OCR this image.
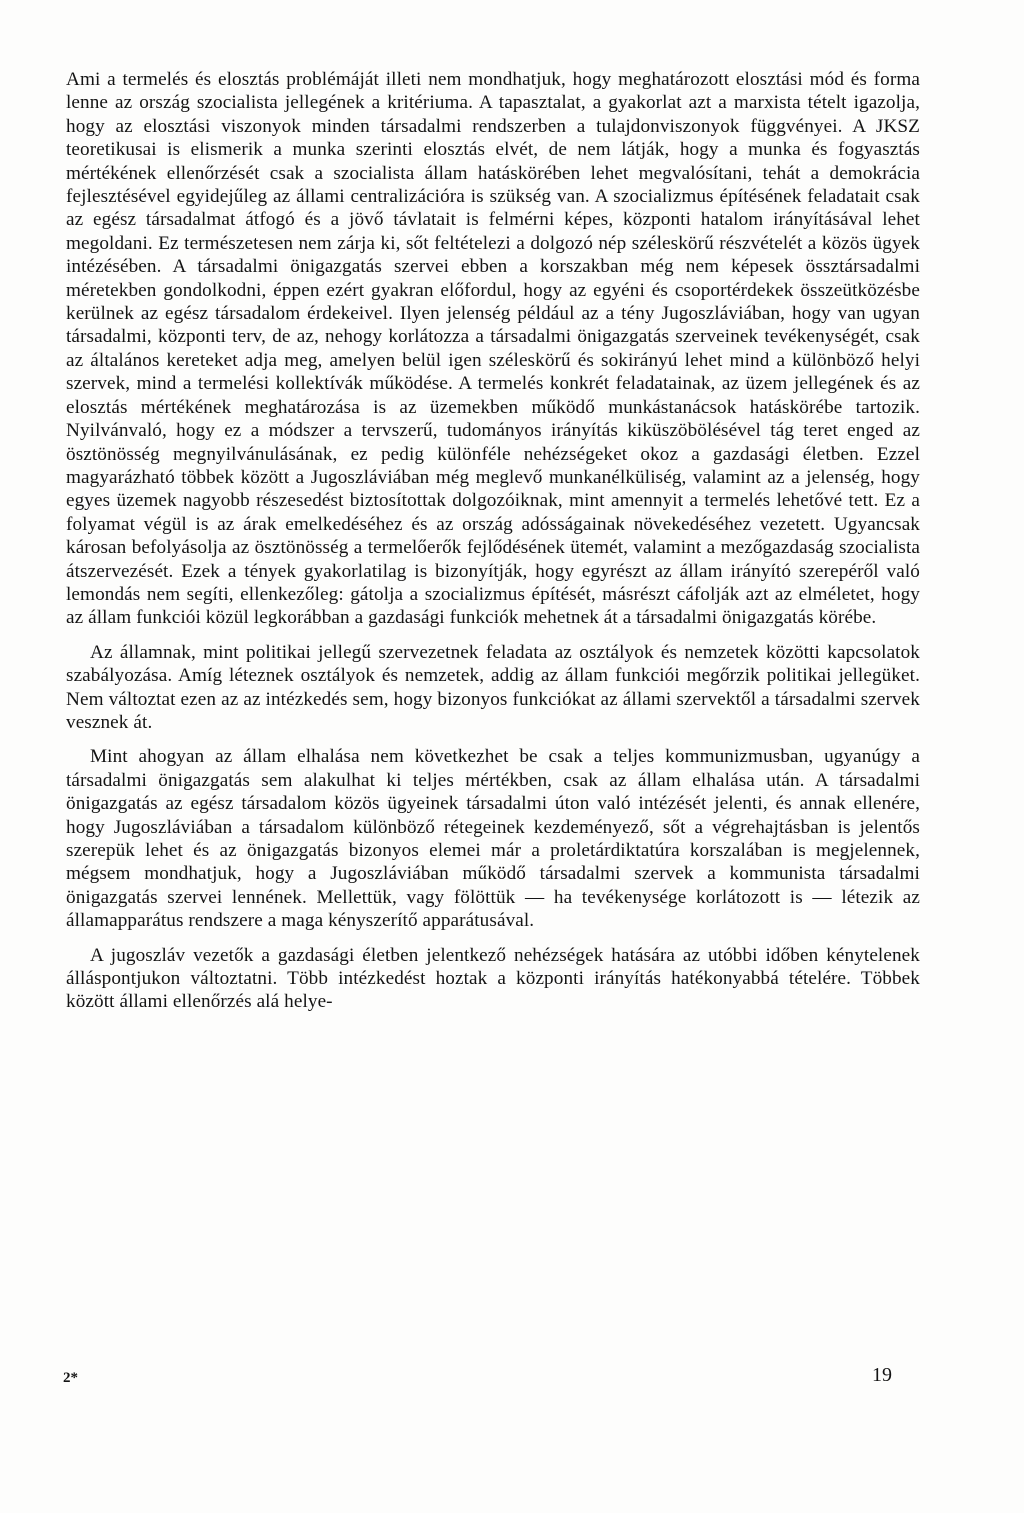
Ami a termelés és elosztás problémáját illeti nem mondhatjuk, hogy meghatározott elosztási mód és forma lenne az ország szocialista jellegének a kritériuma. A tapasztalat, a gyakorlat azt a marxista tételt igazolja, hogy az elosztási viszonyok minden társadalmi rendszerben a tulajdonviszonyok függvényei. A JKSZ teoretikusai is elismerik a munka szerinti elosztás elvét, de nem látják, hogy a munka és fogyasztás mértékének ellenőrzését csak a szocialista állam hatáskörében lehet megvalósítani, tehát a demokrácia fejlesztésével egyidejűleg az állami centralizációra is szükség van. A szocializmus építésének feladatait csak az egész társadalmat átfogó és a jövő távlatait is felmérni képes, központi hatalom irányításával lehet megoldani. Ez természetesen nem zárja ki, sőt feltételezi a dolgozó nép széleskörű részvételét a közös ügyek intézésében. A társadalmi önigazgatás szervei ebben a korszakban még nem képesek össztársadalmi méretekben gondolkodni, éppen ezért gyakran előfordul, hogy az egyéni és csoportérdekek összeütközésbe kerülnek az egész társadalom érdekeivel. Ilyen jelenség például az a tény Jugoszláviában, hogy van ugyan társadalmi, központi terv, de az, nehogy korlátozza a társadalmi önigazgatás szerveinek tevékenységét, csak az általános kereteket adja meg, amelyen belül igen széleskörű és sokirányú lehet mind a különböző helyi szervek, mind a termelési kollektívák működése. A termelés konkrét feladatainak, az üzem jellegének és az elosztás mértékének meghatározása is az üzemekben működő munkástanácsok hatáskörébe tartozik. Nyilvánvaló, hogy ez a módszer a tervszerű, tudományos irányítás kiküszöbölésével tág teret enged az ösztönösség megnyilvánulásának, ez pedig különféle nehézségeket okoz a gazdasági életben. Ezzel magyarázható többek között a Jugoszláviában még meglevő munkanélküliség, valamint az a jelenség, hogy egyes üzemek nagyobb részesedést biztosítottak dolgozóiknak, mint amennyit a termelés lehetővé tett. Ez a folyamat végül is az árak emelkedéséhez és az ország adósságainak növekedéséhez vezetett. Ugyancsak károsan befolyásolja az ösztönösség a termelőerők fejlődésének ütemét, valamint a mezőgazdaság szocialista átszervezését. Ezek a tények gyakorlatilag is bizonyítják, hogy egyrészt az állam irányító szerepéről való lemondás nem segíti, ellenkezőleg: gátolja a szocializmus építését, másrészt cáfolják azt az elméletet, hogy az állam funkciói közül legkorábban a gazdasági funkciók mehetnek át a társadalmi önigazgatás körébe.

Az államnak, mint politikai jellegű szervezetnek feladata az osztályok és nemzetek közötti kapcsolatok szabályozása. Amíg léteznek osztályok és nemzetek, addig az állam funkciói megőrzik politikai jellegüket. Nem változtat ezen az az intézkedés sem, hogy bizonyos funkciókat az állami szervektől a társadalmi szervek vesznek át.

Mint ahogyan az állam elhalása nem következhet be csak a teljes kommunizmusban, ugyanúgy a társadalmi önigazgatás sem alakulhat ki teljes mértékben, csak az állam elhalása után. A társadalmi önigazgatás az egész társadalom közös ügyeinek társadalmi úton való intézését jelenti, és annak ellenére, hogy Jugoszláviában a társadalom különböző rétegeinek kezdeményező, sőt a végrehajtásban is jelentős szerepük lehet és az önigazgatás bizonyos elemei már a proletárdiktatúra korszalában is megjelennek, mégsem mondhatjuk, hogy a Jugoszláviában működő társadalmi szervek a kommunista társadalmi önigazgatás szervei lennének. Mellettük, vagy fölöttük — ha tevékenysége korlátozott is — létezik az államapparátus rendszere a maga kényszerítő apparátusával.

A jugoszláv vezetők a gazdasági életben jelentkező nehézségek hatására az utóbbi időben kénytelenek álláspontjukon változtatni. Több intézkedést hoztak a központi irányítás hatékonyabbá tételére. Többek között állami ellenőrzés alá helye-

2*	19
